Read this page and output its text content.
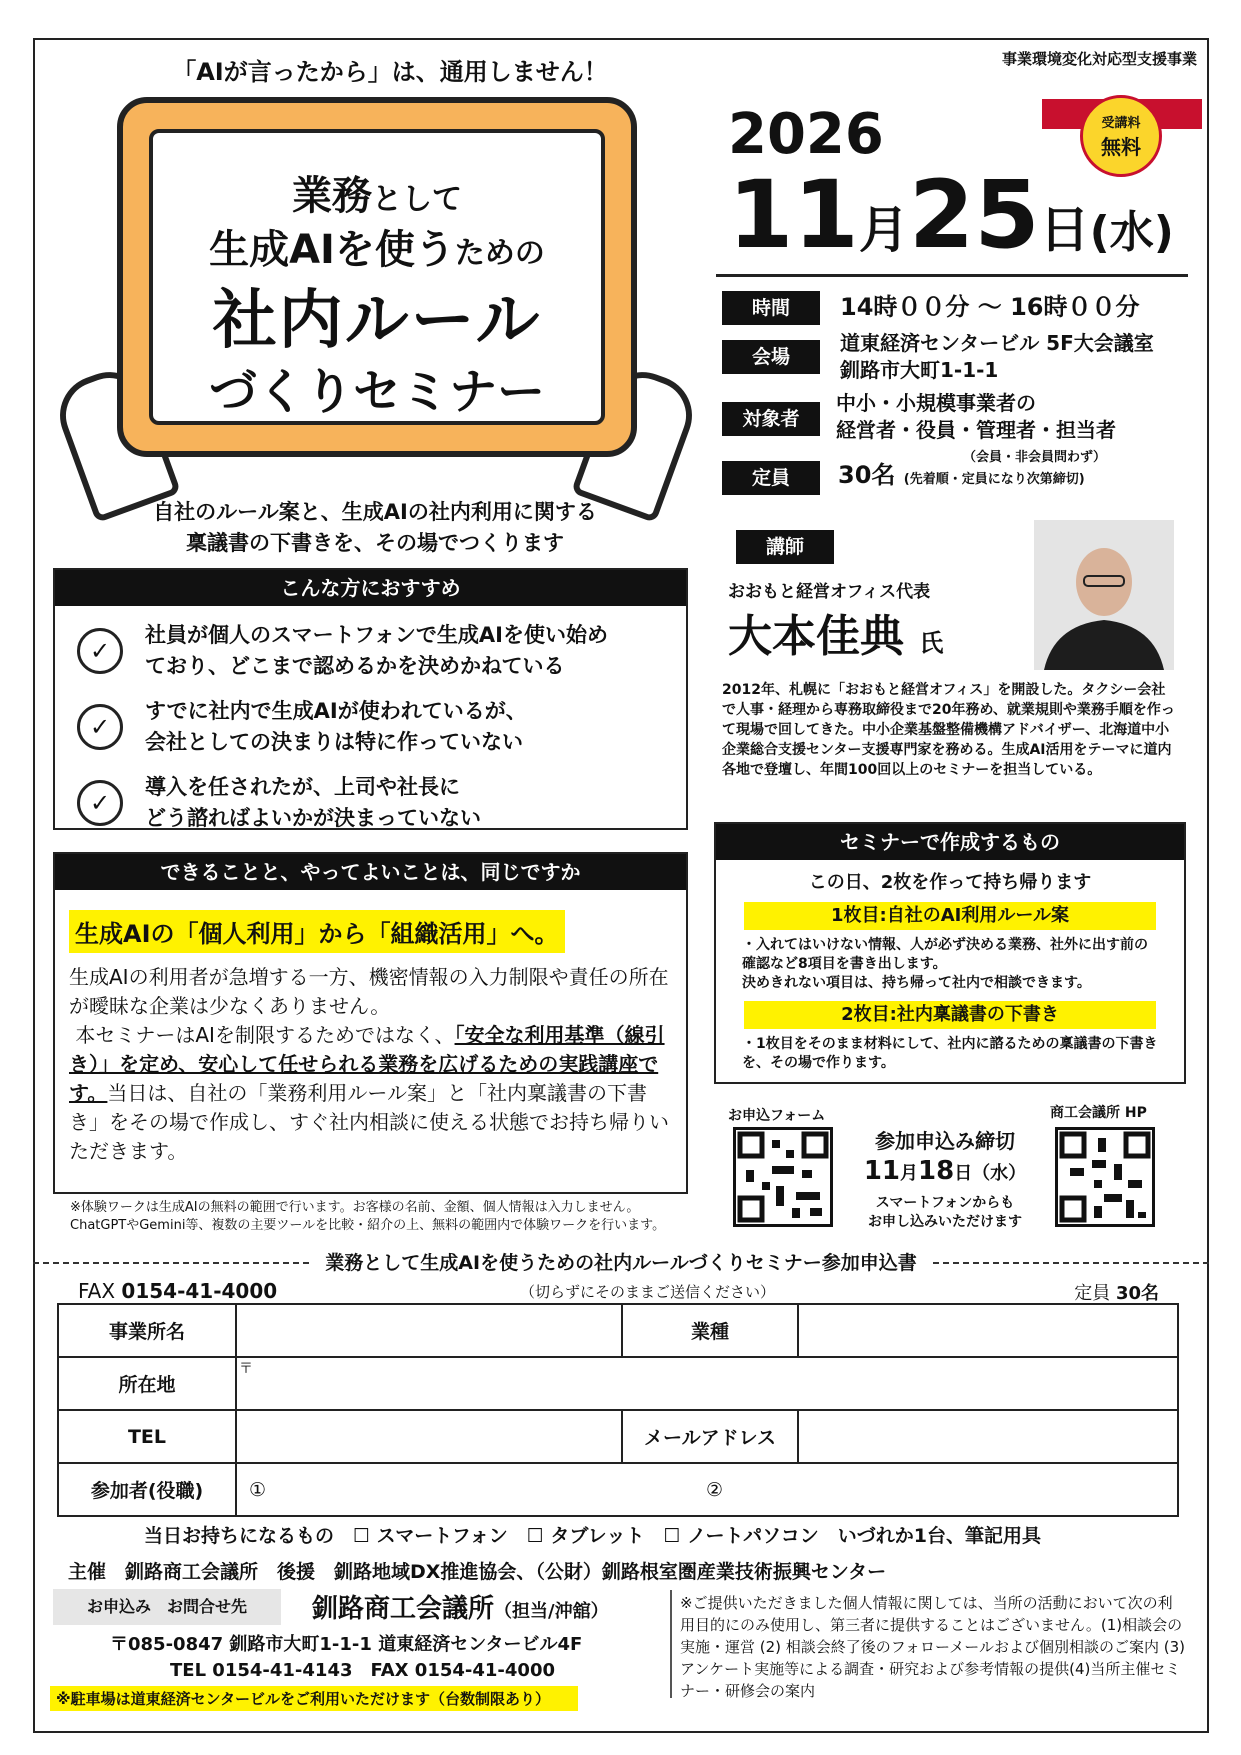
事業環境変化対応型支援事業
「AIが言ったから」は、通用しません！
業務として
生成AIを使うための
社内ルール
づくりセミナー
自社のルール案と、生成AIの社内利用に関する
稟議書の下書きを、その場でつくります
こんな方におすすめ
✓
社員が個人のスマートフォンで生成AIを使い始め
ており、どこまで認めるかを決めかねている
✓
すでに社内で生成AIが使われているが、
会社としての決まりは特に作っていない
✓
導入を任されたが、上司や社長に
どう諮ればよいかが決まっていない
できることと、やってよいことは、同じですか
生成AIの「個人利用」から「組織活用」へ。
生成AIの利用者が急増する一方、機密情報の入力制限や責任の所在が曖昧な企業は少なくありません。
本セミナーはAIを制限するためではなく、「安全な利用基準（線引き）」を定め、安心して任せられる業務を広げるための実践講座です。当日は、自社の「業務利用ルール案」と「社内稟議書の下書き」をその場で作成し、すぐ社内相談に使える状態でお持ち帰りいただきます。
※体験ワークは生成AIの無料の範囲で行います。お客様の名前、金額、個人情報は入力しません。ChatGPTやGemini等、複数の主要ツールを比較・紹介の上、無料の範囲内で体験ワークを行います。
受講料
無料
2026
11月25日(水)
時間	14時００分 ～ 16時００分
会場
道東経済センタービル 5F大会議室
釧路市大町1-1-1
対象者
中小・小規模事業者の
経営者・役員・管理者・担当者
（会員・非会員問わず）
定員	30名 (先着順・定員になり次第締切)
講師
おおもと経営オフィス代表
大本佳典 氏
2012年、札幌に「おおもと経営オフィス」を開設した。タクシー会社で人事・経理から専務取締役まで20年務め、就業規則や業務手順を作って現場で回してきた。中小企業基盤整備機構アドバイザー、北海道中小企業総合支援センター支援専門家を務める。生成AI活用をテーマに道内各地で登壇し、年間100回以上のセミナーを担当している。
セミナーで作成するもの
この日、2枚を作って持ち帰ります
1枚目:自社のAI利用ルール案
・入れてはいけない情報、人が必ず決める業務、社外に出す前の確認など8項目を書き出します。
決めきれない項目は、持ち帰って社内で相談できます。
2枚目:社内稟議書の下書き
・1枚目をそのまま材料にして、社内に諮るための稟議書の下書きを、その場で作ります。
お申込フォーム
参加申込み締切
11月18日（水）
スマートフォンからも
お申し込みいただけます
商工会議所 HP
業務として生成AIを使うための社内ルールづくりセミナー参加申込書
FAX 0154-41-4000	（切らずにそのままご送信ください）	定員 30名
事業所名		業種	
所在地	〒		
TEL		メールアドレス	
参加者(役職)	① ②		
当日お持ちになるもの　☐ スマートフォン　☐ タブレット　☐ ノートパソコン　いづれか1台、筆記用具
主催　釧路商工会議所　後援　釧路地域DX推進協会、（公財）釧路根室圏産業技術振興センター
お申込み　お問合せ先	釧路商工会議所（担当/沖舘）
〒085-0847 釧路市大町1-1-1 道東経済センタービル4F
TEL 0154-41-4143　FAX 0154-41-4000
※駐車場は道東経済センタービルをご利用いただけます（台数制限あり）
※ご提供いただきました個人情報に関しては、当所の活動において次の利用目的にのみ使用し、第三者に提供することはございません。(1)相談会の実施・運営 (2) 相談会終了後のフォローメールおよび個別相談のご案内 (3) アンケート実施等による調査・研究および参考情報の提供(4)当所主催セミナー・研修会の案内
